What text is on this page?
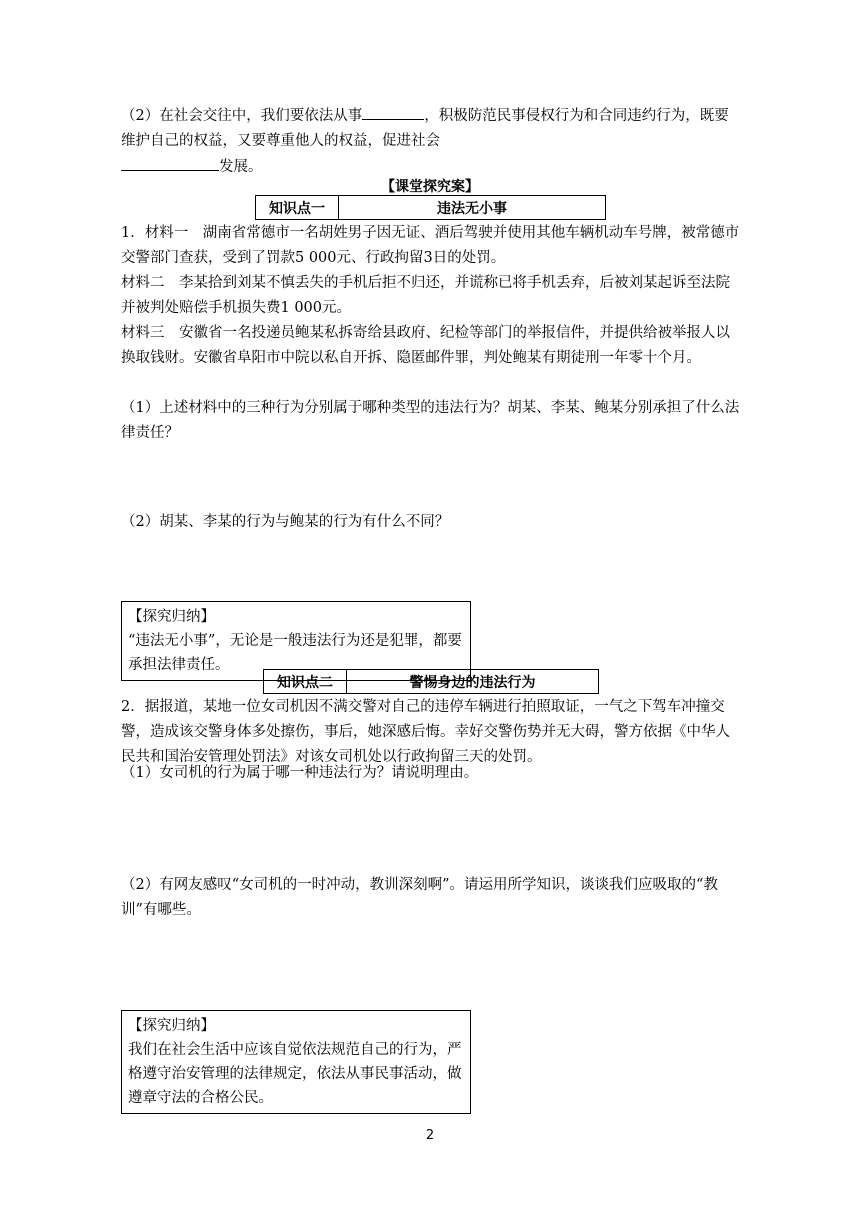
（2）在社会交往中，我们要依法从事	，积极防范民事侵权行为和合同违约行为，既要维护自己的权益，又要尊重他人的权益，促进社会
发展。

【课堂探究案】
知识点一	违法无小事

1．材料一　湖南省常德市一名胡姓男子因无证、酒后驾驶并使用其他车辆机动车号牌，被常德市交警部门查获，受到了罚款5 000元、行政拘留3日的处罚。

材料二　李某拾到刘某不慎丢失的手机后拒不归还，并谎称已将手机丢弃，后被刘某起诉至法院并被判处赔偿手机损失费1 000元。

材料三　安徽省一名投递员鲍某私拆寄给县政府、纪检等部门的举报信件，并提供给被举报人以换取钱财。安徽省阜阳市中院以私自开拆、隐匿邮件罪，判处鲍某有期徒刑一年零十个月。

（1）上述材料中的三种行为分别属于哪种类型的违法行为？胡某、李某、鲍某分别承担了什么法律责任？

（2）胡某、李某的行为与鲍某的行为有什么不同？

【探究归纳】
“违法无小事”，无论是一般违法行为还是犯罪，都要承担法律责任。
知识点二	警惕身边的违法行为

2．据报道，某地一位女司机因不满交警对自己的违停车辆进行拍照取证，一气之下驾车冲撞交警，造成该交警身体多处擦伤，事后，她深感后悔。幸好交警伤势并无大碍，警方依据《中华人民共和国治安管理处罚法》对该女司机处以行政拘留三天的处罚。

（1）女司机的行为属于哪一种违法行为？请说明理由。

（2）有网友感叹“女司机的一时冲动，教训深刻啊”。请运用所学知识，谈谈我们应吸取的“教训”有哪些。

【探究归纳】
我们在社会生活中应该自觉依法规范自己的行为，严格遵守治安管理的法律规定，依法从事民事活动，做遵章守法的合格公民。
2
